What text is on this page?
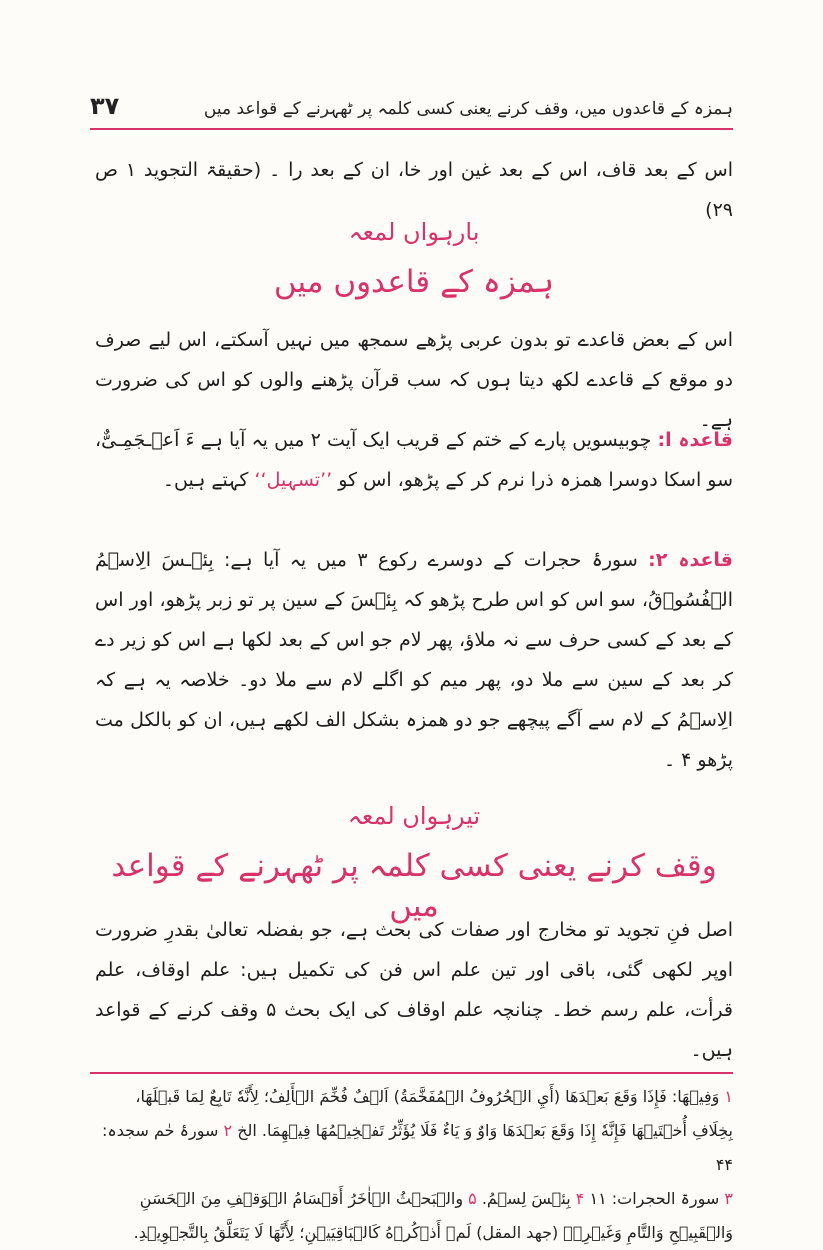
ہمزہ کے قاعدوں میں، وقف کرنے یعنی کسی کلمہ پر ٹھہرنے کے قواعد میں
۳۷
اس کے بعد قاف، اس کے بعد غین اور خا، ان کے بعد را ۔ (حقیقۃ التجوید ۱ ص ۲۹)
بارہواں لمعہ
ہمزہ کے قاعدوں میں
اس کے بعض قاعدے تو بدون عربی پڑھے سمجھ میں نہیں آسکتے، اس لیے صرف دو موقع کے قاعدے لکھ دیتا ہوں کہ سب قرآن پڑھنے والوں کو اس کی ضرورت ہے۔
قاعدہ ا: چوبیسویں پارے کے ختم کے قریب ایک آیت ۲ میں یہ آیا ہے ءَ اَعۡـجَمِـیٌّ، سو اسکا دوسرا ھمزہ ذرا نرم کر کے پڑھو، اس کو ’’تسہیل‘‘ کہتے ہیں۔
قاعدہ ۲: سورۂ حجرات کے دوسرے رکوع ۳ میں یہ آیا ہے: بِئۡـسَ الِاسۡمُ الۡفُسُوۡقُ، سو اس کو اس طرح پڑھو کہ بِئۡسَ کے سین پر تو زبر پڑھو، اور اس کے بعد کے کسی حرف سے نہ ملاؤ، پھر لام جو اس کے بعد لکھا ہے اس کو زیر دے کر بعد کے سین سے ملا دو، پھر میم کو اگلے لام سے ملا دو۔ خلاصہ یہ ہے کہ الِاسۡمُ کے لام سے آگے پیچھے جو دو ھمزہ بشکل الف لکھے ہیں، ان کو بالکل مت پڑھو ۴ ۔
تیرہواں لمعہ
وقف کرنے یعنی کسی کلمہ پر ٹھہرنے کے قواعد میں
اصل فنِ تجوید تو مخارج اور صفات کی بحث ہے، جو بفضلہ تعالیٰ بقدرِ ضرورت اوپر لکھی گئی، باقی اور تین علم اس فن کی تکمیل ہیں: علم اوقاف، علم قرأت، علم رسم خط۔ چنانچہ علم اوقاف کی ایک بحث ۵ وقف کرنے کے قواعد ہیں۔
۱ وَفِیۡهَا: فَإِذَا وَقَعَ بَعۡدَهَا (أَيِ الۡحُرُوفُ الۡمُفَخَّمَةُ) اَلۡفٌ فُخِّمَ الۡأَلِفُ؛ لِأَنَّهٗ تَابِعٌ لِمَا قَبۡلَهَا، بِخِلَافِ أُخۡتَيۡهَا فَإِنَّهٗ إِذَا وَقَعَ بَعۡدَهَا وَاوٌ وَ یَاءٌ فَلَا یُؤَثِّرُ تَفۡخِيۡمُهَا فِیۡهِمَا. الخ ۲ سورۂ حٰم سجدہ: ۴۴
۳ سورۃ الحجرات: ۱۱ ۴ بِئۡسَ لِسۡمُ. ۵ والۡبَحۡثُ الۡاٰخَرُ أَقۡسَامُ الۡوَقۡفِ مِنَ الۡحَسَنِ وَالۡقَبِيۡحِ وَالتَّامِ وَغَیۡرِہٖ (جهد المقل) لَمۡ أَذۡكُرۡهُ كَالۡبَاقِيَيۡنِ؛ لِأَنَّهَا لَا يَتَعَلَّقُ بِالتَّجۡوِيۡدِ.
